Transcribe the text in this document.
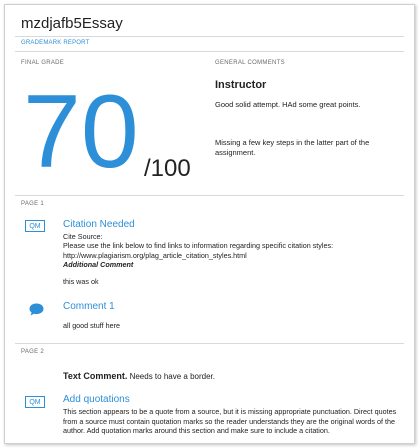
mzdjafb5Essay
GRADEMARK REPORT
FINAL GRADE
70 /100
GENERAL COMMENTS
Instructor
Good solid attempt. HAd some great points.
Missing a few key steps in the latter part of the assignment.
PAGE 1
QM	Citation Needed
Cite Source:
Please use the link below to find links to information regarding specific citation styles:
http://www.plagiarism.org/plag_article_citation_styles.html
Additional Comment
this was ok
Comment 1
all good stuff here
PAGE 2
Text Comment. Needs to have a border.
QM	Add quotations
This section appears to be a quote from a source, but it is missing appropriate punctuation. Direct quotes from a source must contain quotation marks so the reader understands they are the original words of the author. Add quotation marks around this section and make sure to include a citation.
